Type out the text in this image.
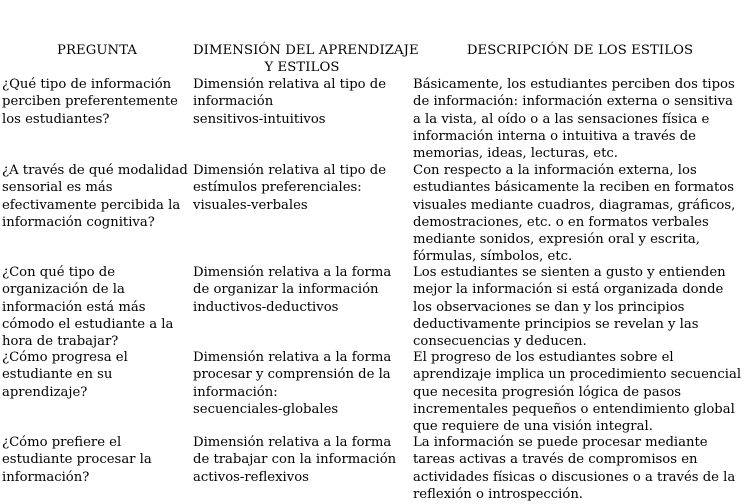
PREGUNTA	DIMENSIÓN DEL APRENDIZAJE
Y ESTILOS
DESCRIPCIÓN DE LOS ESTILOS
¿Qué tipo de información
perciben preferentemente
los estudiantes?
Dimensión relativa al tipo de
información
sensitivos-intuitivos
Básicamente, los estudiantes perciben dos tipos
de información: información externa o sensitiva
a la vista, al oído o a las sensaciones física e
información interna o intuitiva a través de
memorias, ideas, lecturas, etc.
¿A través de qué modalidad
sensorial es más
efectivamente percibida la
información cognitiva?
Dimensión relativa al tipo de
estímulos preferenciales:
visuales-verbales
Con respecto a la información externa, los
estudiantes básicamente la reciben en formatos
visuales mediante cuadros, diagramas, gráficos,
demostraciones, etc. o en formatos verbales
mediante sonidos, expresión oral y escrita,
fórmulas, símbolos, etc.
¿Con qué tipo de
organización de la
información está más
cómodo el estudiante a la
hora de trabajar?
Dimensión relativa a la forma
de organizar la información
inductivos-deductivos
Los estudiantes se sienten a gusto y entienden
mejor la información si está organizada donde
los observaciones se dan y los principios
deductivamente principios se revelan y las
consecuencias y deducen.
¿Cómo progresa el
estudiante en su
aprendizaje?
Dimensión relativa a la forma
procesar y comprensión de la
información:
secuenciales-globales
El progreso de los estudiantes sobre el
aprendizaje implica un procedimiento secuencial
que necesita progresión lógica de pasos
incrementales pequeños o entendimiento global
que requiere de una visión integral.
¿Cómo prefiere el
estudiante procesar la
información?
Dimensión relativa a la forma
de trabajar con la información
activos-reflexivos
La información se puede procesar mediante
tareas activas a través de compromisos en
actividades físicas o discusiones o a través de la
reflexión o introspección.
